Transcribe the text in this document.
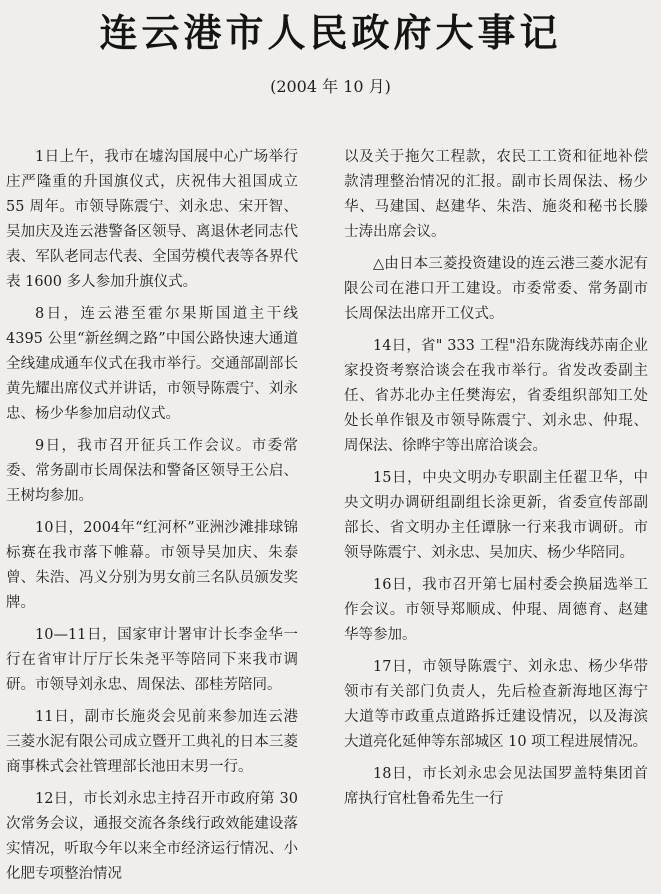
连云港市人民政府大事记
(2004 年 10 月)

1日上午，我市在墟沟国展中心广场举行庄严隆重的升国旗仪式，庆祝伟大祖国成立 55 周年。市领导陈震宁、刘永忠、宋开智、吴加庆及连云港警备区领导、离退休老同志代表、军队老同志代表、全国劳模代表等各界代表 1600 多人参加升旗仪式。

8日，连云港至霍尔果斯国道主干线 4395 公里“新丝绸之路”中国公路快速大通道全线建成通车仪式在我市举行。交通部副部长黄先耀出席仪式并讲话，市领导陈震宁、刘永忠、杨少华参加启动仪式。

9日，我市召开征兵工作会议。市委常委、常务副市长周保法和警备区领导王公启、王树均参加。

10日，2004年“红河杯”亚洲沙滩排球锦标赛在我市落下帷幕。市领导吴加庆、朱泰曾、朱浩、冯义分别为男女前三名队员颁发奖牌。

10—11日，国家审计署审计长李金华一行在省审计厅厅长朱尧平等陪同下来我市调研。市领导刘永忠、周保法、邵桂芳陪同。

11日，副市长施炎会见前来参加连云港三菱水泥有限公司成立暨开工典礼的日本三菱商事株式会社管理部长池田末男一行。

12日，市长刘永忠主持召开市政府第 30 次常务会议，通报交流各条线行政效能建设落实情况，听取今年以来全市经济运行情况、小化肥专项整治情况

以及关于拖欠工程款，农民工工资和征地补偿款清理整治情况的汇报。副市长周保法、杨少华、马建国、赵建华、朱浩、施炎和秘书长滕士涛出席会议。

△由日本三菱投资建设的连云港三菱水泥有限公司在港口开工建设。市委常委、常务副市长周保法出席开工仪式。

14日，省" 333 工程"沿东陇海线苏南企业家投资考察洽谈会在我市举行。省发改委副主任、省苏北办主任樊海宏，省委组织部知工处处长单作银及市领导陈震宁、刘永忠、仲琨、周保法、徐晔宇等出席洽谈会。

15日，中央文明办专职副主任翟卫华，中央文明办调研组副组长涂更新，省委宣传部副部长、省文明办主任谭脉一行来我市调研。市领导陈震宁、刘永忠、吴加庆、杨少华陪同。

16日，我市召开第七届村委会换届选举工作会议。市领导郑顺成、仲琨、周德育、赵建华等参加。

17日，市领导陈震宁、刘永忠、杨少华带领市有关部门负责人，先后检查新海地区海宁大道等市政重点道路拆迁建设情况，以及海滨大道亮化延伸等东部城区 10 项工程进展情况。

18日，市长刘永忠会见法国罗盖特集团首席执行官杜鲁希先生一行
